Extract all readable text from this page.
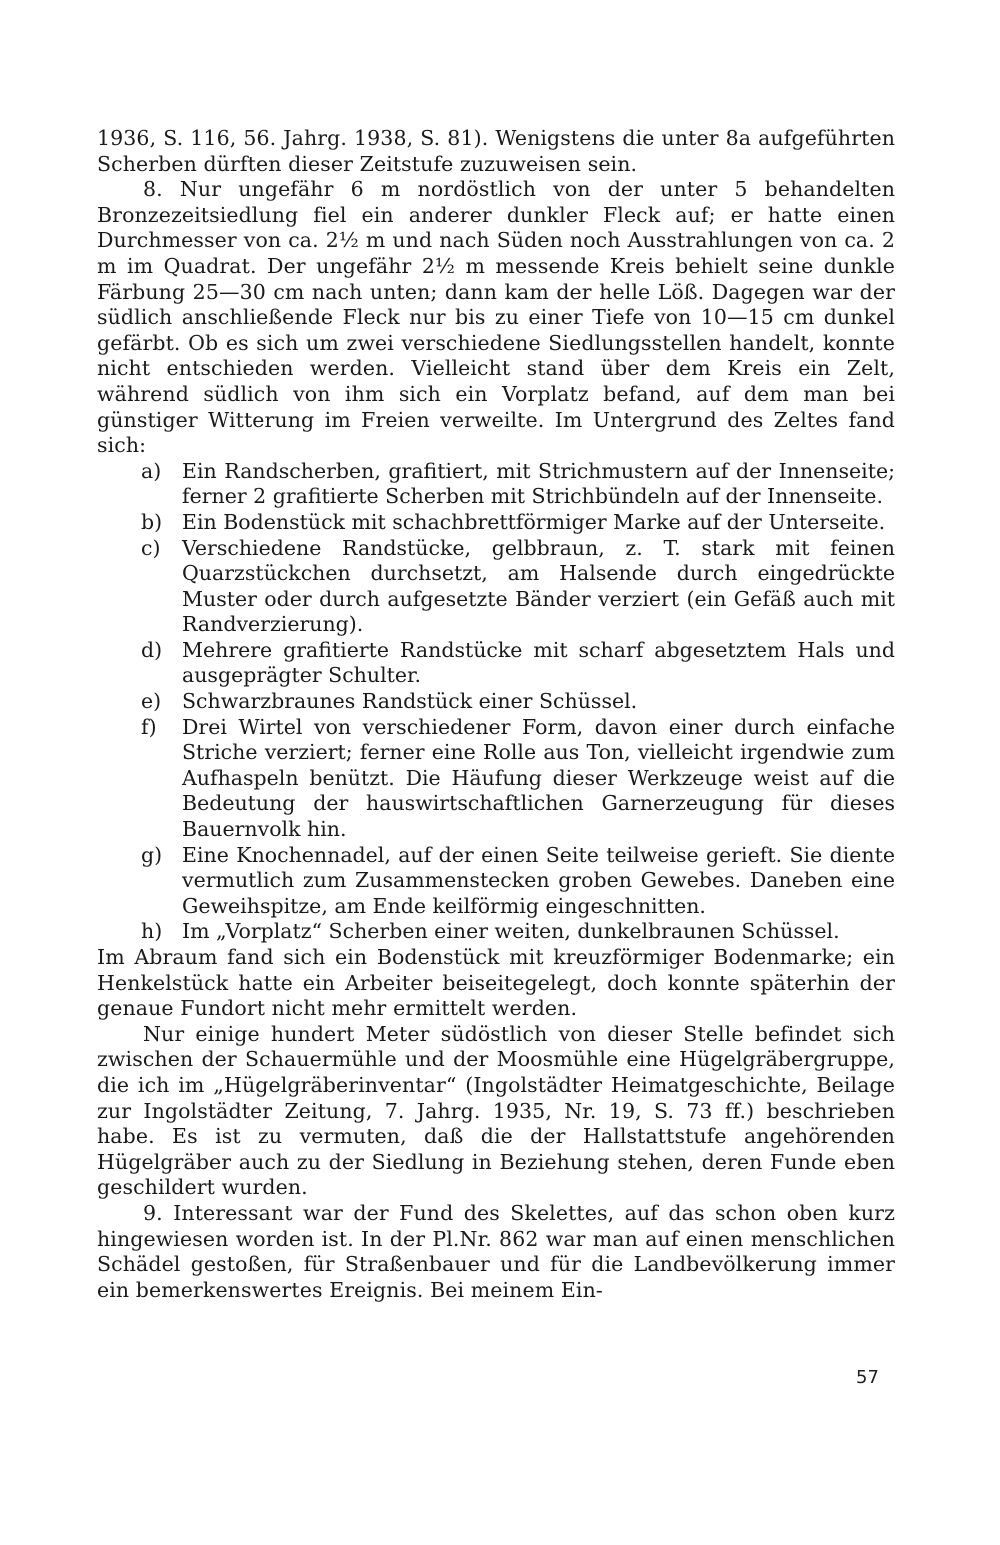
1936, S. 116, 56. Jahrg. 1938, S. 81). Wenigstens die unter 8a aufgeführten Scherben dürften dieser Zeitstufe zuzuweisen sein.

8. Nur ungefähr 6 m nordöstlich von der unter 5 behandelten Bronzezeitsiedlung fiel ein anderer dunkler Fleck auf; er hatte einen Durchmesser von ca. 2½ m und nach Süden noch Ausstrahlungen von ca. 2 m im Quadrat. Der ungefähr 2½ m messende Kreis behielt seine dunkle Färbung 25—30 cm nach unten; dann kam der helle Löß. Dagegen war der südlich anschließende Fleck nur bis zu einer Tiefe von 10—15 cm dunkel gefärbt. Ob es sich um zwei verschiedene Siedlungsstellen handelt, konnte nicht entschieden werden. Vielleicht stand über dem Kreis ein Zelt, während südlich von ihm sich ein Vorplatz befand, auf dem man bei günstiger Witterung im Freien verweilte. Im Untergrund des Zeltes fand sich:

a)	Ein Randscherben, grafitiert, mit Strichmustern auf der Innenseite; ferner 2 grafitierte Scherben mit Strichbündeln auf der Innenseite.
b) Ein Bodenstück mit schachbrettförmiger Marke auf der Unterseite.
c)	Verschiedene Randstücke, gelbbraun, z. T. stark mit feinen Quarzstückchen durchsetzt, am Halsende durch eingedrückte Muster oder durch aufgesetzte Bänder verziert (ein Gefäß auch mit Randverzierung).
d) Mehrere grafitierte Randstücke mit scharf abgesetztem Hals und ausgeprägter Schulter.
e)	Schwarzbraunes Randstück einer Schüssel.
f)	Drei Wirtel von verschiedener Form, davon einer durch einfache Striche verziert; ferner eine Rolle aus Ton, vielleicht irgendwie zum Aufhaspeln benützt. Die Häufung dieser Werkzeuge weist auf die Bedeutung der hauswirtschaftlichen Garnerzeugung für dieses Bauernvolk hin.
g) Eine Knochennadel, auf der einen Seite teilweise gerieft. Sie diente vermutlich zum Zusammenstecken groben Gewebes. Daneben eine Geweihspitze, am Ende keilförmig eingeschnitten.
h) Im „Vorplatz“ Scherben einer weiten, dunkelbraunen Schüssel.

Im Abraum fand sich ein Bodenstück mit kreuzförmiger Bodenmarke; ein Henkelstück hatte ein Arbeiter beiseitegelegt, doch konnte späterhin der genaue Fundort nicht mehr ermittelt werden.

Nur einige hundert Meter südöstlich von dieser Stelle befindet sich zwischen der Schauermühle und der Moosmühle eine Hügelgräbergruppe, die ich im „Hügelgräberinventar“ (Ingolstädter Heimatgeschichte, Beilage zur Ingolstädter Zeitung, 7. Jahrg. 1935, Nr. 19, S. 73 ff.) beschrieben habe. Es ist zu vermuten, daß die der Hallstattstufe angehörenden Hügelgräber auch zu der Siedlung in Beziehung stehen, deren Funde eben geschildert wurden.

9. Interessant war der Fund des Skelettes, auf das schon oben kurz hingewiesen worden ist. In der Pl.Nr. 862 war man auf einen menschlichen Schädel gestoßen, für Straßenbauer und für die Landbevölkerung immer ein bemerkenswertes Ereignis. Bei meinem Ein-

57
